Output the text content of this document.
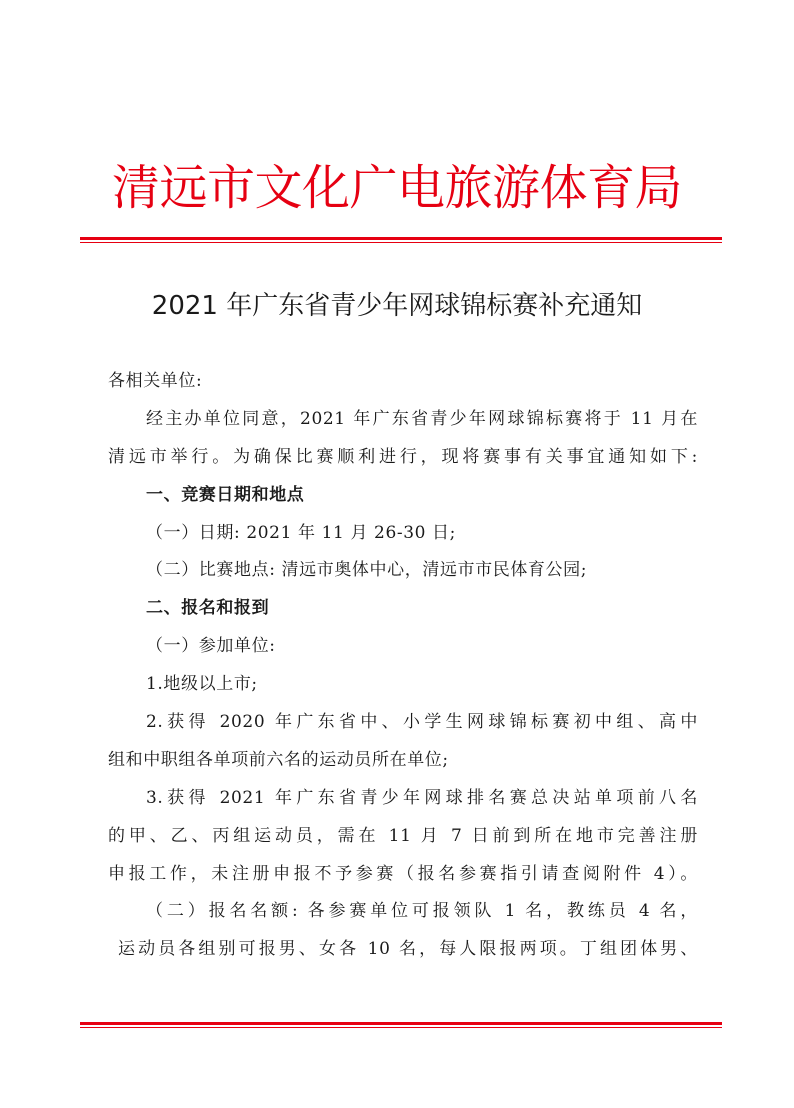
清远市文化广电旅游体育局
2021 年广东省青少年网球锦标赛补充通知
各相关单位:
经主办单位同意，2021 年广东省青少年网球锦标赛将于 11 月在
清远市举行。为确保比赛顺利进行，现将赛事有关事宜通知如下:
一、竞赛日期和地点
（一）日期: 2021 年 11 月 26-30 日;
（二）比赛地点: 清远市奥体中心，清远市市民体育公园;
二、报名和报到
（一）参加单位:
1.地级以上市;
2.获得 2020 年广东省中、小学生网球锦标赛初中组、高中
组和中职组各单项前六名的运动员所在单位;
3.获得 2021 年广东省青少年网球排名赛总决站单项前八名
的甲、乙、丙组运动员，需在 11 月 7 日前到所在地市完善注册
申报工作，未注册申报不予参赛（报名参赛指引请查阅附件 4）。
（二）报名名额: 各参赛单位可报领队 1 名，教练员 4 名，
运动员各组别可报男、女各 10 名，每人限报两项。丁组团体男、
